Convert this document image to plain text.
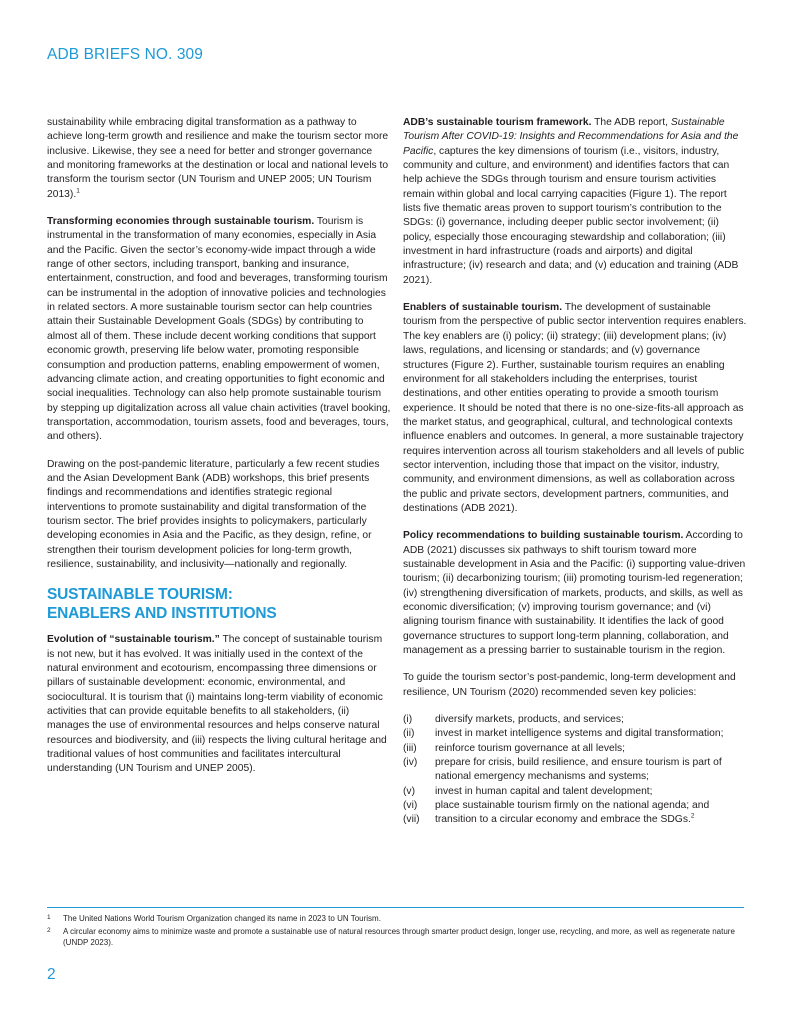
ADB BRIEFS NO. 309

sustainability while embracing digital transformation as a pathway to achieve long-term growth and resilience and make the tourism sector more inclusive. Likewise, they see a need for better and stronger governance and monitoring frameworks at the destination or local and national levels to transform the tourism sector (UN Tourism and UNEP 2005; UN Tourism 2013).$^1$

Transforming economies through sustainable tourism. Tourism is instrumental in the transformation of many economies, especially in Asia and the Pacific. Given the sector’s economy-wide impact through a wide range of other sectors, including transport, banking and insurance, entertainment, construction, and food and beverages, transforming tourism can be instrumental in the adoption of innovative policies and technologies in related sectors. A more sustainable tourism sector can help countries attain their Sustainable Development Goals (SDGs) by contributing to almost all of them. These include decent working conditions that support economic growth, preserving life below water, promoting responsible consumption and production patterns, enabling empowerment of women, advancing climate action, and creating opportunities to fight economic and social inequalities. Technology can also help promote sustainable tourism by stepping up digitalization across all value chain activities (travel booking, transportation, accommodation, tourism assets, food and beverages, tours, and others).

Drawing on the post-pandemic literature, particularly a few recent studies and the Asian Development Bank (ADB) workshops, this brief presents findings and recommendations and identifies strategic regional interventions to promote sustainability and digital transformation of the tourism sector. The brief provides insights to policymakers, particularly developing economies in Asia and the Pacific, as they design, refine, or strengthen their tourism development policies for long-term growth, resilience, sustainability, and inclusivity—nationally and regionally.

SUSTAINABLE TOURISM:
ENABLERS AND INSTITUTIONS

Evolution of “sustainable tourism.” The concept of sustainable tourism is not new, but it has evolved. It was initially used in the context of the natural environment and ecotourism, encompassing three dimensions or pillars of sustainable development: economic, environmental, and sociocultural. It is tourism that (i) maintains long-term viability of economic activities that can provide equitable benefits to all stakeholders, (ii) manages the use of environmental resources and helps conserve natural resources and biodiversity, and (iii) respects the living cultural heritage and traditional values of host communities and facilitates intercultural understanding (UN Tourism and UNEP 2005).

ADB’s sustainable tourism framework. The ADB report, Sustainable Tourism After COVID-19: Insights and Recommendations for Asia and the Pacific, captures the key dimensions of tourism (i.e., visitors, industry, community and culture, and environment) and identifies factors that can help achieve the SDGs through tourism and ensure tourism activities remain within global and local carrying capacities (Figure 1). The report lists five thematic areas proven to support tourism’s contribution to the SDGs: (i) governance, including deeper public sector involvement; (ii) policy, especially those encouraging stewardship and collaboration; (iii) investment in hard infrastructure (roads and airports) and digital infrastructure; (iv) research and data; and (v) education and training (ADB 2021).

Enablers of sustainable tourism. The development of sustainable tourism from the perspective of public sector intervention requires enablers. The key enablers are (i) policy; (ii) strategy; (iii) development plans; (iv) laws, regulations, and licensing or standards; and (v) governance structures (Figure 2). Further, sustainable tourism requires an enabling environment for all stakeholders including the enterprises, tourist destinations, and other entities operating to provide a smooth tourism experience. It should be noted that there is no one-size-fits-all approach as the market status, and geographical, cultural, and technological contexts influence enablers and outcomes. In general, a more sustainable trajectory requires intervention across all tourism stakeholders and all levels of public sector intervention, including those that impact on the visitor, industry, community, and environment dimensions, as well as collaboration across the public and private sectors, development partners, communities, and destinations (ADB 2021).

Policy recommendations to building sustainable tourism. According to ADB (2021) discusses six pathways to shift tourism toward more sustainable development in Asia and the Pacific: (i) supporting value-driven tourism; (ii) decarbonizing tourism; (iii) promoting tourism-led regeneration; (iv) strengthening diversification of markets, products, and skills, as well as economic diversification; (v) improving tourism governance; and (vi) aligning tourism finance with sustainability. It identifies the lack of good governance structures to support long-term planning, collaboration, and management as a pressing barrier to sustainable tourism in the region.

To guide the tourism sector’s post-pandemic, long-term development and resilience, UN Tourism (2020) recommended seven key policies:

(i)	diversify markets, products, and services;
(ii)	invest in market intelligence systems and digital transformation;
(iii)	reinforce tourism governance at all levels;
(iv)	prepare for crisis, build resilience, and ensure tourism is part of national emergency mechanisms and systems;
(v)	invest in human capital and talent development;
(vi)	place sustainable tourism firmly on the national agenda; and
(vii)	transition to a circular economy and embrace the SDGs.$^2$
1	The United Nations World Tourism Organization changed its name in 2023 to UN Tourism.
2	A circular economy aims to minimize waste and promote a sustainable use of natural resources through smarter product design, longer use, recycling, and more, as well as regenerate nature (UNDP 2023).
2
